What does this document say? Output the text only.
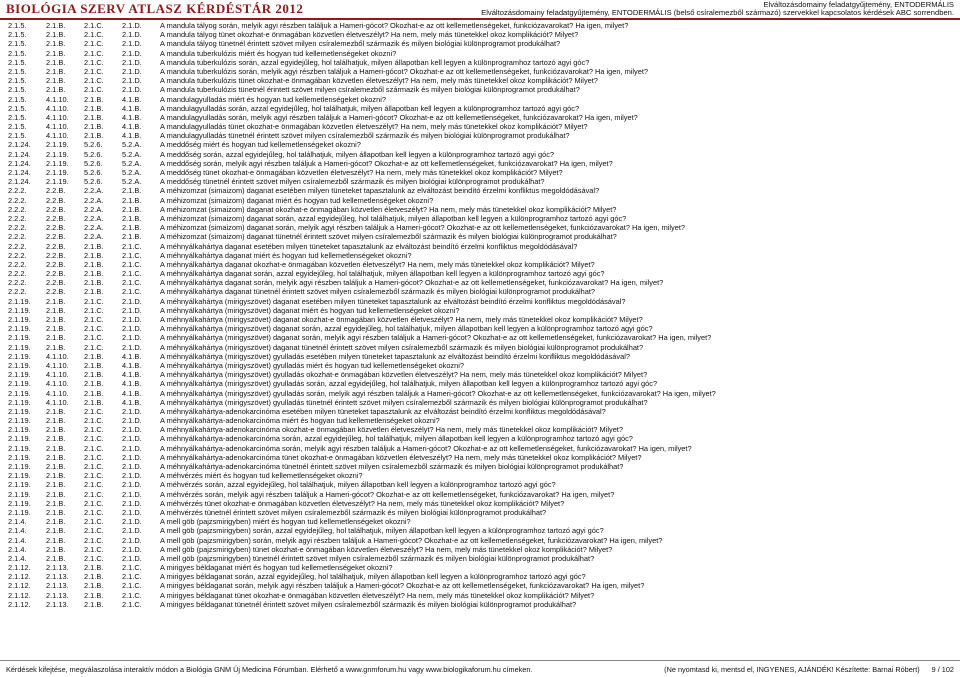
BIOLÓGIA SZERV ATLASZ KÉRDÉSTÁR 2012	Elváltozásdomainy feladatgyűjtemény, ENTODERMÁLIS
Elváltozásdomainy feladatgyűjtemény, ENTODERMÁLIS (belső csíralemezből származó) szervekkel kapcsolatos kérdések ABC sorrendben.
2.1.5.	2.1.B.	2.1.C.	2.1.D.	A mandula tályog során, melyik agyi részben találjuk a Hameri-gócot? Okozhat-e az ott kellemetlenségeket, funkciózavarokat? Ha igen, milyet?
2.1.5.	2.1.B.	2.1.C.	2.1.D.	A mandula tályog tünet okozhat-e önmagában közvetlen életveszélyt? Ha nem, mely más tünetekkel okoz komplikációt? Milyet?
2.1.5.	2.1.B.	2.1.C.	2.1.D.	A mandula tályog tünetnél érintett szövet milyen csíralemezből származik és milyen biológiai különprogramot produkálhat?
2.1.5.	2.1.B.	2.1.C.	2.1.D.	A mandula tuberkulózis miért és hogyan tud kellemetlenségeket okozni?
2.1.5.	2.1.B.	2.1.C.	2.1.D.	A mandula tuberkulózis során, azzal egyidejűleg, hol találhatjuk, milyen állapotban kell legyen a különprogramhoz tartozó agyi góc?
2.1.5.	2.1.B.	2.1.C.	2.1.D.	A mandula tuberkulózis során, melyik agyi részben találjuk a Hameri-gócot? Okozhat-e az ott kellemetlenségeket, funkciózavarokat? Ha igen, milyet?
2.1.5.	2.1.B.	2.1.C.	2.1.D.	A mandula tuberkulózis tünet okozhat-e önmagában közvetlen életveszélyt? Ha nem, mely más tünetekkel okoz komplikációt? Milyet?
2.1.5.	2.1.B.	2.1.C.	2.1.D.	A mandula tuberkulózis tünetnél érintett szövet milyen csíralemezből származik és milyen biológiai különprogramot produkálhat?
2.1.5.	4.1.10.	2.1.B.	4.1.B.	A mandulagyulladás miért és hogyan tud kellemetlenségeket okozni?
2.1.5.	4.1.10.	2.1.B.	4.1.B.	A mandulagyulladás során, azzal egyidejűleg, hol találhatjuk, milyen állapotban kell legyen a különprogramhoz tartozó agyi góc?
2.1.5.	4.1.10.	2.1.B.	4.1.B.	A mandulagyulladás során, melyik agyi részben találjuk a Hameri-gócot? Okozhat-e az ott kellemetlenségeket, funkciózavarokat? Ha igen, milyet?
2.1.5.	4.1.10.	2.1.B.	4.1.B.	A mandulagyulladás tünet okozhat-e önmagában közvetlen életveszélyt? Ha nem, mely más tünetekkel okoz komplikációt? Milyet?
2.1.5.	4.1.10.	2.1.B.	4.1.B.	A mandulagyulladás tünetnél érintett szövet milyen csíralemezből származik és milyen biológiai különprogramot produkálhat?
2.1.24.	2.1.19.	5.2.6.	5.2.A.	A meddőség miért és hogyan tud kellemetlenségeket okozni?
2.1.24.	2.1.19.	5.2.6.	5.2.A.	A meddőség során, azzal egyidejűleg, hol találhatjuk, milyen állapotban kell legyen a különprogramhoz tartozó agyi góc?
2.1.24.	2.1.19.	5.2.6.	5.2.A.	A meddőség során, melyik agyi részben találjuk a Hameri-gócot? Okozhat-e az ott kellemetlenségeket, funkciózavarokat? Ha igen, milyet?
2.1.24.	2.1.19.	5.2.6.	5.2.A.	A meddőség tünet okozhat-e önmagában közvetlen életveszélyt? Ha nem, mely más tünetekkel okoz komplikációt? Milyet?
2.1.24.	2.1.19.	5.2.6.	5.2.A.	A meddőség tünetnél érintett szövet milyen csíralemezből származik és milyen biológiai különprogramot produkálhat?
2.2.2.	2.2.B.	2.2.A.	2.1.B.	A méhizomzat (simaizom) daganat esetében milyen tüneteket tapasztalunk az elváltozást beindító érzelmi konfliktus megoldódásával?
2.2.2.	2.2.B.	2.2.A.	2.1.B.	A méhizomzat (simaizom) daganat miért és hogyan tud kellemetlenségeket okozni?
2.2.2.	2.2.B.	2.2.A.	2.1.B.	A méhizomzat (simaizom) daganat okozhat-e önmagában közvetlen életveszélyt? Ha nem, mely más tünetekkel okoz komplikációt? Milyet?
2.2.2.	2.2.B.	2.2.A.	2.1.B.	A méhizomzat (simaizom) daganat során, azzal egyidejűleg, hol találhatjuk, milyen állapotban kell legyen a különprogramhoz tartozó agyi góc?
2.2.2.	2.2.B.	2.2.A.	2.1.B.	A méhizomzat (simaizom) daganat során, melyik agyi részben találjuk a Hameri-gócot? Okozhat-e az ott kellemetlenségeket, funkciózavarokat? Ha igen, milyet?
2.2.2.	2.2.B.	2.2.A.	2.1.B.	A méhizomzat (simaizom) daganat tünetnél érintett szövet milyen csíralemezből származik és milyen biológiai különprogramot produkálhat?
2.2.2.	2.2.B.	2.1.B.	2.1.C.	A méhnyálkahártya daganat esetében milyen tüneteket tapasztalunk az elváltozást beindító érzelmi konfliktus megoldódásával?
2.2.2.	2.2.B.	2.1.B.	2.1.C.	A méhnyálkahártya daganat miért és hogyan tud kellemetlenségeket okozni?
2.2.2.	2.2.B.	2.1.B.	2.1.C.	A méhnyálkahártya daganat okozhat-e önmagában közvetlen életveszélyt? Ha nem, mely más tünetekkel okoz komplikációt? Milyet?
2.2.2.	2.2.B.	2.1.B.	2.1.C.	A méhnyálkahártya daganat során, azzal egyidejűleg, hol találhatjuk, milyen állapotban kell legyen a különprogramhoz tartozó agyi góc?
2.2.2.	2.2.B.	2.1.B.	2.1.C.	A méhnyálkahártya daganat során, melyik agyi részben találjuk a Hameri-gócot? Okozhat-e az ott kellemetlenségeket, funkciózavarokat? Ha igen, milyet?
2.2.2.	2.2.B.	2.1.B.	2.1.C.	A méhnyálkahártya daganat tünetnél érintett szövet milyen csíralemezből származik és milyen biológiai különprogramot produkálhat?
2.1.19.	2.1.B.	2.1.C.	2.1.D.	A méhnyálkahártya (mirigyszövet) daganat esetében milyen tüneteket tapasztalunk az elváltozást beindító érzelmi konfliktus megoldódásával?
2.1.19.	2.1.B.	2.1.C.	2.1.D.	A méhnyálkahártya (mirigyszövet) daganat miért és hogyan tud kellemetlenségeket okozni?
2.1.19.	2.1.B.	2.1.C.	2.1.D.	A méhnyálkahártya (mirigyszövet) daganat okozhat-e önmagában közvetlen életveszélyt? Ha nem, mely más tünetekkel okoz komplikációt? Milyet?
2.1.19.	2.1.B.	2.1.C.	2.1.D.	A méhnyálkahártya (mirigyszövet) daganat során, azzal egyidejűleg, hol találhatjuk, milyen állapotban kell legyen a különprogramhoz tartozó agyi góc?
2.1.19.	2.1.B.	2.1.C.	2.1.D.	A méhnyálkahártya (mirigyszövet) daganat során, melyik agyi részben találjuk a Hameri-gócot? Okozhat-e az ott kellemetlenségeket, funkciózavarokat? Ha igen, milyet?
2.1.19.	2.1.B.	2.1.C.	2.1.D.	A méhnyálkahártya (mirigyszövet) daganat tünetnél érintett szövet milyen csíralemezből származik és milyen biológiai különprogramot produkálhat?
2.1.19.	4.1.10.	2.1.B.	4.1.B.	A méhnyálkahártya (mirigyszövet) gyulladás esetében milyen tüneteket tapasztalunk az elváltozást beindító érzelmi konfliktus megoldódásával?
2.1.19.	4.1.10.	2.1.B.	4.1.B.	A méhnyálkahártya (mirigyszövet) gyulladás miért és hogyan tud kellemetlenségeket okozni?
2.1.19.	4.1.10.	2.1.B.	4.1.B.	A méhnyálkahártya (mirigyszövet) gyulladás okozhat-e önmagában közvetlen életveszélyt? Ha nem, mely más tünetekkel okoz komplikációt? Milyet?
2.1.19.	4.1.10.	2.1.B.	4.1.B.	A méhnyálkahártya (mirigyszövet) gyulladás során, azzal egyidejűleg, hol találhatjuk, milyen állapotban kell legyen a különprogramhoz tartozó agyi góc?
2.1.19.	4.1.10.	2.1.B.	4.1.B.	A méhnyálkahártya (mirigyszövet) gyulladás során, melyik agyi részben találjuk a Hameri-gócot? Okozhat-e az ott kellemetlenségeket, funkciózavarokat? Ha igen, milyet?
2.1.19.	4.1.10.	2.1.B.	4.1.B.	A méhnyálkahártya (mirigyszövet) gyulladás tünetnél érintett szövet milyen csíralemezből származik és milyen biológiai különprogramot produkálhat?
2.1.19.	2.1.B.	2.1.C.	2.1.D.	A méhnyálkahártya-adenokarcinóma esetében milyen tüneteket tapasztalunk az elváltozást beindító érzelmi konfliktus megoldódásával?
2.1.19.	2.1.B.	2.1.C.	2.1.D.	A méhnyálkahártya-adenokarcinóma miért és hogyan tud kellemetlenségeket okozni?
2.1.19.	2.1.B.	2.1.C.	2.1.D.	A méhnyálkahártya-adenokarcinóma okozhat-e önmagában közvetlen életveszélyt? Ha nem, mely más tünetekkel okoz komplikációt? Milyet?
2.1.19.	2.1.B.	2.1.C.	2.1.D.	A méhnyálkahártya-adenokarcinóma során, azzal egyidejűleg, hol találhatjuk, milyen állapotban kell legyen a különprogramhoz tartozó agyi góc?
2.1.19.	2.1.B.	2.1.C.	2.1.D.	A méhnyálkahártya-adenokarcinóma során, melyik agyi részben találjuk a Hameri-gócot? Okozhat-e az ott kellemetlenségeket, funkciózavarokat? Ha igen, milyet?
2.1.19.	2.1.B.	2.1.C.	2.1.D.	A méhnyálkahártya-adenokarcinóma tünet okozhat-e önmagában közvetlen életveszélyt? Ha nem, mely más tünetekkel okoz komplikációt? Milyet?
2.1.19.	2.1.B.	2.1.C.	2.1.D.	A méhnyálkahártya-adenokarcinóma tünetnél érintett szövet milyen csíralemezből származik és milyen biológiai különprogramot produkálhat?
2.1.19.	2.1.B.	2.1.C.	2.1.D.	A méhvérzés miért és hogyan tud kellemetlenségeket okozni?
2.1.19.	2.1.B.	2.1.C.	2.1.D.	A méhvérzés során, azzal egyidejűleg, hol találhatjuk, milyen állapotban kell legyen a különprogramhoz tartozó agyi góc?
2.1.19.	2.1.B.	2.1.C.	2.1.D.	A méhvérzés során, melyik agyi részben találjuk a Hameri-gócot? Okozhat-e az ott kellemetlenségeket, funkciózavarokat? Ha igen, milyet?
2.1.19.	2.1.B.	2.1.C.	2.1.D.	A méhvérzés tünet okozhat-e önmagában közvetlen életveszélyt? Ha nem, mely más tünetekkel okoz komplikációt? Milyet?
2.1.19.	2.1.B.	2.1.C.	2.1.D.	A méhvérzés tünetnél érintett szövet milyen csíralemezből származik és milyen biológiai különprogramot produkálhat?
2.1.4.	2.1.B.	2.1.C.	2.1.D.	A mell göb (pajzsmirigyben) miért és hogyan tud kellemetlenségeket okozni?
2.1.4.	2.1.B.	2.1.C.	2.1.D.	A mell göb (pajzsmirigyben) során, azzal egyidejűleg, hol találhatjuk, milyen állapotban kell legyen a különprogramhoz tartozó agyi góc?
2.1.4.	2.1.B.	2.1.C.	2.1.D.	A mell göb (pajzsmirigyben) során, melyik agyi részben találjuk a Hameri-gócot? Okozhat-e az ott kellemetlenségeket, funkciózavarokat? Ha igen, milyet?
2.1.4.	2.1.B.	2.1.C.	2.1.D.	A mell göb (pajzsmirigyben) tünet okozhat-e önmagában közvetlen életveszélyt? Ha nem, mely más tünetekkel okoz komplikációt? Milyet?
2.1.4.	2.1.B.	2.1.C.	2.1.D.	A mell göb (pajzsmirigyben) tünetnél érintett szövet milyen csíralemezből származik és milyen biológiai különprogramot produkálhat?
2.1.12.	2.1.13.	2.1.B.	2.1.C.	A mirigyes béldaganat miért és hogyan tud kellemetlenségeket okozni?
2.1.12.	2.1.13.	2.1.B.	2.1.C.	A mirigyes béldaganat során, azzal egyidejűleg, hol találhatjuk, milyen állapotban kell legyen a különprogramhoz tartozó agyi góc?
2.1.12.	2.1.13.	2.1.B.	2.1.C.	A mirigyes béldaganat során, melyik agyi részben találjuk a Hameri-gócot? Okozhat-e az ott kellemetlenségeket, funkciózavarokat? Ha igen, milyet?
2.1.12.	2.1.13.	2.1.B.	2.1.C.	A mirigyes béldaganat tünet okozhat-e önmagában közvetlen életveszélyt? Ha nem, mely más tünetekkel okoz komplikációt? Milyet?
2.1.12.	2.1.13.	2.1.B.	2.1.C.	A mirigyes béldaganat tünetnél érintett szövet milyen csíralemezből származik és milyen biológiai különprogramot produkálhat?
Kérdések kifejtése, megválaszolása interaktív módon a Biológia GNM Új Medicina Fórumban. Elérhető a www.gnmforum.hu vagy www.biologikaforum.hu címeken.	(Ne nyomtasd ki, mentsd el, INGYENES, AJÁNDÉK! Készítette: Barnai Róbert) 9 / 102
